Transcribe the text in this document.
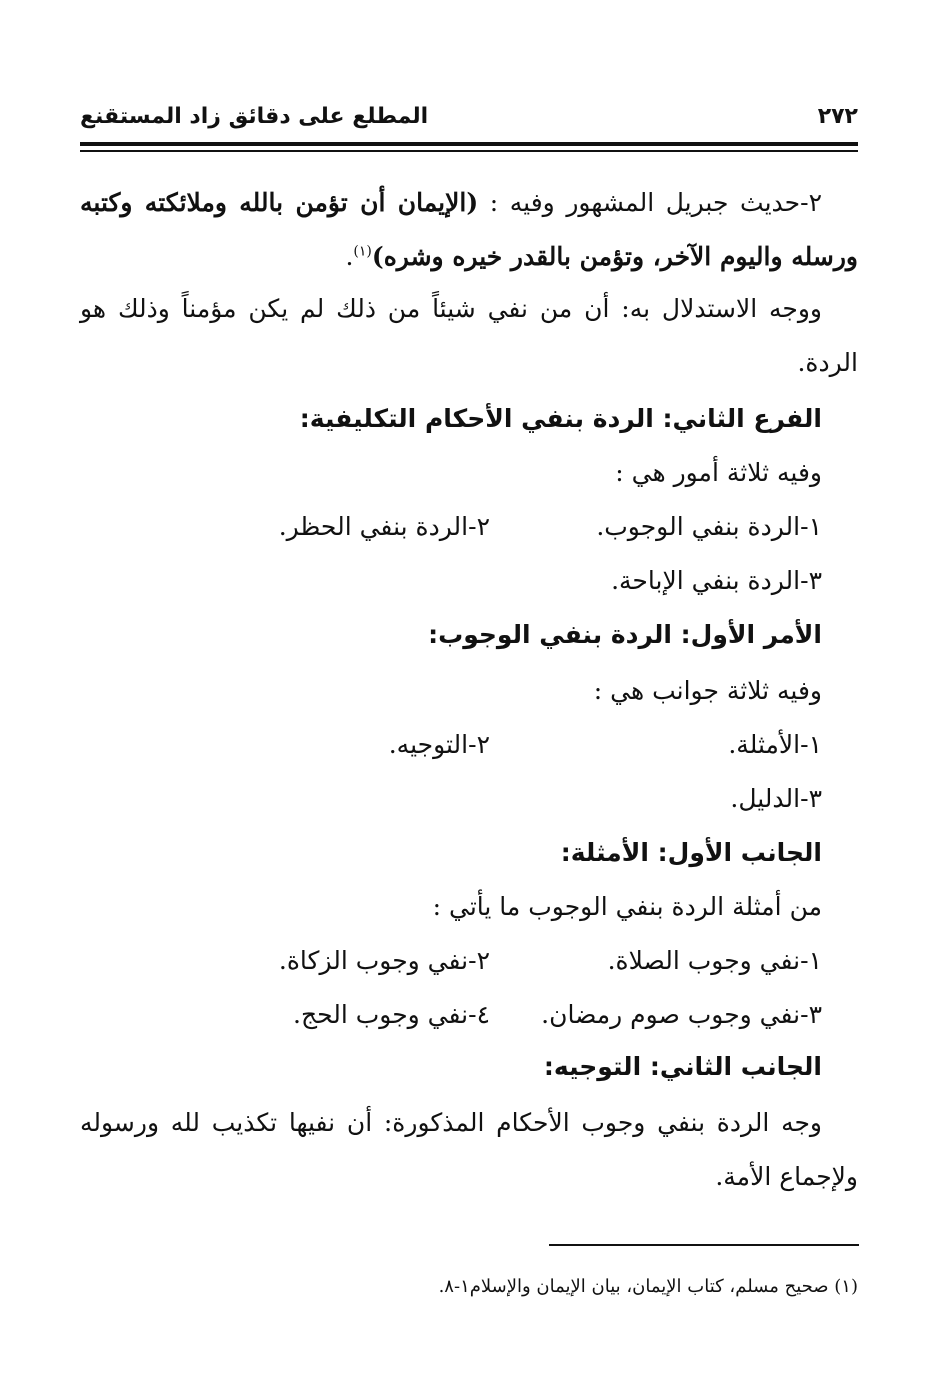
٢٧٢
المطلع على دقائق زاد المستقنع
٢-حديث جبريل المشهور وفيه : (الإيمان أن تؤمن بالله وملائكته وكتبه
ورسله واليوم الآخر، وتؤمن بالقدر خيره وشره)$^{(١)}$.
ووجه الاستدلال به: أن من نفي شيئاً من ذلك لم يكن مؤمناً وذلك هو
الردة.
الفرع الثاني: الردة بنفي الأحكام التكليفية:
وفيه ثلاثة أمور هي :
١-الردة بنفي الوجوب.
٢-الردة بنفي الحظر.
٣-الردة بنفي الإباحة.
الأمر الأول: الردة بنفي الوجوب:
وفيه ثلاثة جوانب هي :
١-الأمثلة.
٢-التوجيه.
٣-الدليل.
الجانب الأول: الأمثلة:
من أمثلة الردة بنفي الوجوب ما يأتي :
١-نفي وجوب الصلاة.
٢-نفي وجوب الزكاة.
٣-نفي وجوب صوم رمضان.
٤-نفي وجوب الحج.
الجانب الثاني: التوجيه:
وجه الردة بنفي وجوب الأحكام المذكورة: أن نفيها تكذيب لله ورسوله
ولإجماع الأمة.
(١) صحيح مسلم، كتاب الإيمان، بيان الإيمان والإسلام١-٨.
